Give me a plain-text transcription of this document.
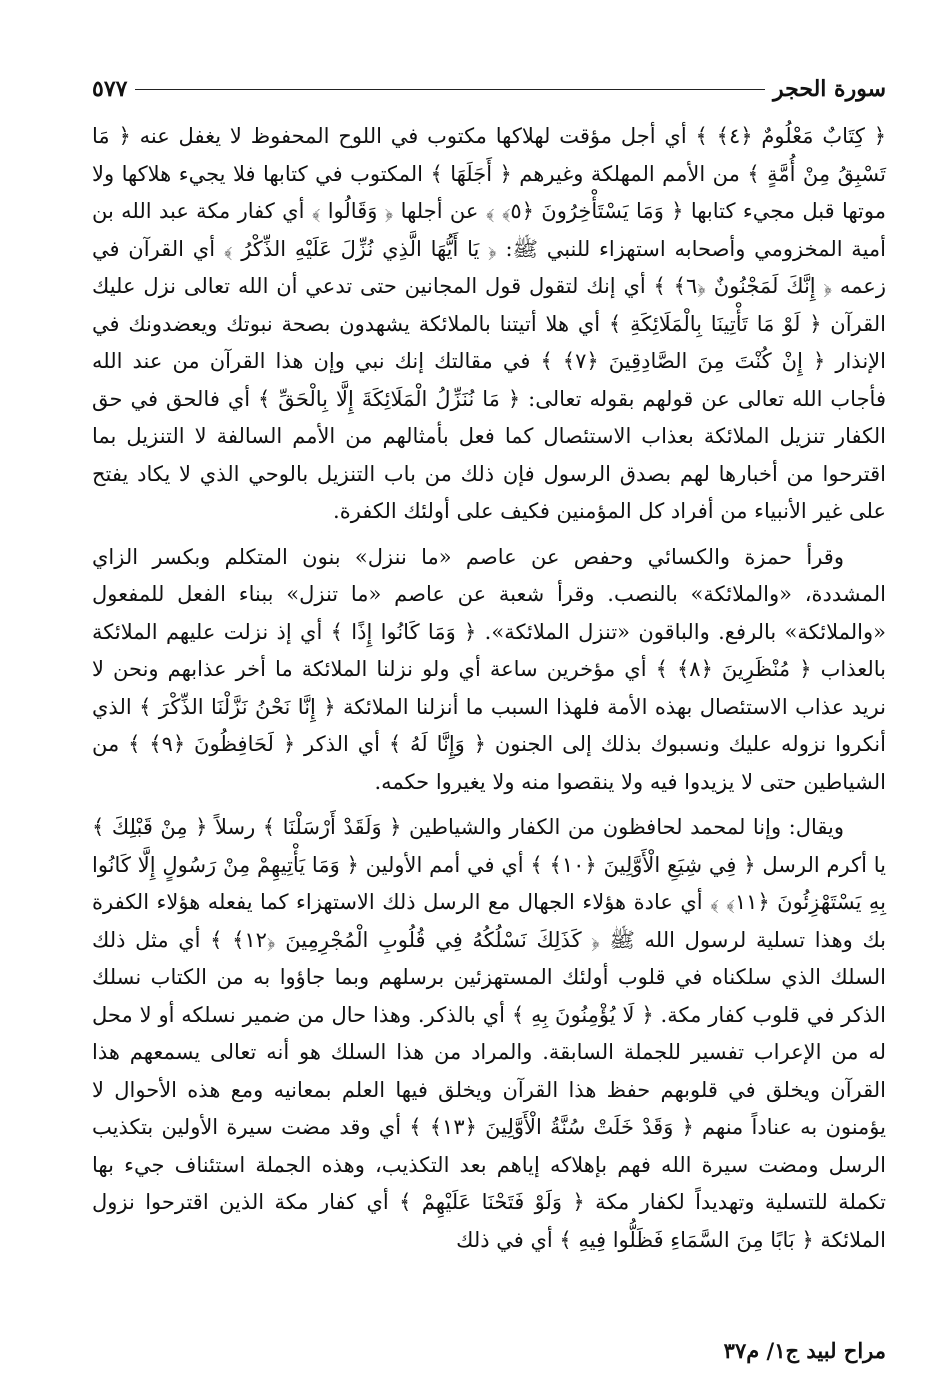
سورة الحجر
٥٧٧

﴿ كِتَابٌ مَعْلُومٌ ﴿٤﴾ ﴾ أي أجل مؤقت لهلاكها مكتوب في اللوح المحفوظ لا يغفل عنه ﴿ مَا تَسْبِقُ مِنْ أُمَّةٍ ﴾ من الأمم المهلكة وغيرهم ﴿ أَجَلَهَا ﴾ المكتوب في كتابها فلا يجيء هلاكها ولا موتها قبل مجيء كتابها ﴿ وَمَا يَسْتَأْخِرُونَ ﴿٥﴾ ﴾ عن أجلها ﴿ وَقَالُوا ﴾ أي كفار مكة عبد الله بن أمية المخزومي وأصحابه استهزاء للنبي ﷺ: ﴿ يَا أَيُّهَا الَّذِي نُزِّلَ عَلَيْهِ الذِّكْرُ ﴾ أي القرآن في زعمه ﴿ إِنَّكَ لَمَجْنُونٌ ﴿٦﴾ ﴾ أي إنك لتقول قول المجانين حتى تدعي أن الله تعالى نزل عليك القرآن ﴿ لَوْ مَا تَأْتِينَا بِالْمَلَائِكَةِ ﴾ أي هلا أتيتنا بالملائكة يشهدون بصحة نبوتك ويعضدونك في الإنذار ﴿ إِنْ كُنْتَ مِنَ الصَّادِقِينَ ﴿٧﴾ ﴾ في مقالتك إنك نبي وإن هذا القرآن من عند الله فأجاب الله تعالى عن قولهم بقوله تعالى: ﴿ مَا نُنَزِّلُ الْمَلَائِكَةَ إِلَّا بِالْحَقِّ ﴾ أي فالحق في حق الكفار تنزيل الملائكة بعذاب الاستئصال كما فعل بأمثالهم من الأمم السالفة لا التنزيل بما اقترحوا من أخبارها لهم بصدق الرسول فإن ذلك من باب التنزيل بالوحي الذي لا يكاد يفتح على غير الأنبياء من أفراد كل المؤمنين فكيف على أولئك الكفرة.

وقرأ حمزة والكسائي وحفص عن عاصم «ما ننزل» بنون المتكلم وبكسر الزاي المشددة، «والملائكة» بالنصب. وقرأ شعبة عن عاصم «ما تنزل» ببناء الفعل للمفعول «والملائكة» بالرفع. والباقون «تنزل الملائكة». ﴿ وَمَا كَانُوا إِذًا ﴾ أي إذ نزلت عليهم الملائكة بالعذاب ﴿ مُنْظَرِينَ ﴿٨﴾ ﴾ أي مؤخرين ساعة أي ولو نزلنا الملائكة ما أخر عذابهم ونحن لا نريد عذاب الاستئصال بهذه الأمة فلهذا السبب ما أنزلنا الملائكة ﴿ إِنَّا نَحْنُ نَزَّلْنَا الذِّكْرَ ﴾ الذي أنكروا نزوله عليك ونسبوك بذلك إلى الجنون ﴿ وَإِنَّا لَهُ ﴾ أي الذكر ﴿ لَحَافِظُونَ ﴿٩﴾ ﴾ من الشياطين حتى لا يزيدوا فيه ولا ينقصوا منه ولا يغيروا حكمه.

ويقال: وإنا لمحمد لحافظون من الكفار والشياطين ﴿ وَلَقَدْ أَرْسَلْنَا ﴾ رسلاً ﴿ مِنْ قَبْلِكَ ﴾ يا أكرم الرسل ﴿ فِي شِيَعِ الْأَوَّلِينَ ﴿١٠﴾ ﴾ أي في أمم الأولين ﴿ وَمَا يَأْتِيهِمْ مِنْ رَسُولٍ إِلَّا كَانُوا بِهِ يَسْتَهْزِئُونَ ﴿١١﴾ ﴾ أي عادة هؤلاء الجهال مع الرسل ذلك الاستهزاء كما يفعله هؤلاء الكفرة بك وهذا تسلية لرسول الله ﷺ ﴿ كَذَلِكَ نَسْلُكُهُ فِي قُلُوبِ الْمُجْرِمِينَ ﴿١٢﴾ ﴾ أي مثل ذلك السلك الذي سلكناه في قلوب أولئك المستهزئين برسلهم وبما جاؤوا به من الكتاب نسلك الذكر في قلوب كفار مكة. ﴿ لَا يُؤْمِنُونَ بِهِ ﴾ أي بالذكر. وهذا حال من ضمير نسلكه أو لا محل له من الإعراب تفسير للجملة السابقة. والمراد من هذا السلك هو أنه تعالى يسمعهم هذا القرآن ويخلق في قلوبهم حفظ هذا القرآن ويخلق فيها العلم بمعانيه ومع هذه الأحوال لا يؤمنون به عناداً منهم ﴿ وَقَدْ خَلَتْ سُنَّةُ الْأَوَّلِينَ ﴿١٣﴾ ﴾ أي وقد مضت سيرة الأولين بتكذيب الرسل ومضت سيرة الله فهم بإهلاكه إياهم بعد التكذيب، وهذه الجملة استئناف جيء بها تكملة للتسلية وتهديداً لكفار مكة ﴿ وَلَوْ فَتَحْنَا عَلَيْهِمْ ﴾ أي كفار مكة الذين اقترحوا نزول الملائكة ﴿ بَابًا مِنَ السَّمَاءِ فَظَلُّوا فِيهِ ﴾ أي في ذلك

مراح لبيد ج١/ م٣٧
